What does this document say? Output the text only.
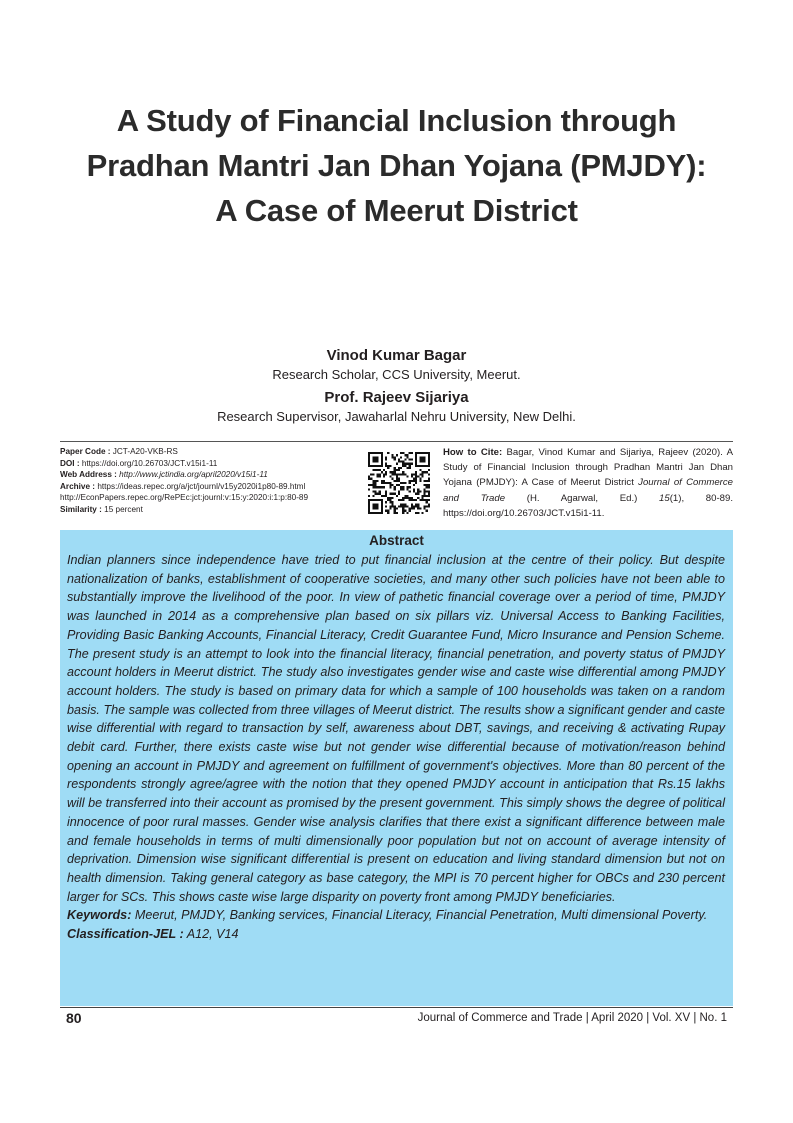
A Study of Financial Inclusion through
Pradhan Mantri Jan Dhan Yojana (PMJDY):
A Case of Meerut District
Vinod Kumar Bagar
Research Scholar, CCS University, Meerut.
Prof. Rajeev Sijariya
Research Supervisor, Jawaharlal Nehru University, New Delhi.
Paper Code : JCT-A20-VKB-RS
DOI : https://doi.org/10.26703/JCT.v15i1-11
Web Address : http://www.jctindia.org/april2020/v15i1-11
Archive : https://ideas.repec.org/a/jct/journl/v15y2020i1p80-89.html
http://EconPapers.repec.org/RePEc:jct:journl:v:15:y:2020:i:1:p:80-89
Similarity : 15 percent
How to Cite: Bagar, Vinod Kumar and Sijariya, Rajeev (2020). A Study of Financial Inclusion through Pradhan Mantri Jan Dhan Yojana (PMJDY): A Case of Meerut District Journal of Commerce and Trade (H. Agarwal, Ed.) 15(1), 80-89. https://doi.org/10.26703/JCT.v15i1-11.
Abstract

Indian planners since independence have tried to put financial inclusion at the centre of their policy. But despite nationalization of banks, establishment of cooperative societies, and many other such policies have not been able to substantially improve the livelihood of the poor. In view of pathetic financial coverage over a period of time, PMJDY was launched in 2014 as a comprehensive plan based on six pillars viz. Universal Access to Banking Facilities, Providing Basic Banking Accounts, Financial Literacy, Credit Guarantee Fund, Micro Insurance and Pension Scheme. The present study is an attempt to look into the financial literacy, financial penetration, and poverty status of PMJDY account holders in Meerut district. The study also investigates gender wise and caste wise differential among PMJDY account holders. The study is based on primary data for which a sample of 100 households was taken on a random basis. The sample was collected from three villages of Meerut district. The results show a significant gender and caste wise differential with regard to transaction by self, awareness about DBT, savings, and receiving & activating Rupay debit card. Further, there exists caste wise but not gender wise differential because of motivation/reason behind opening an account in PMJDY and agreement on fulfillment of government's objectives. More than 80 percent of the respondents strongly agree/agree with the notion that they opened PMJDY account in anticipation that Rs.15 lakhs will be transferred into their account as promised by the present government. This simply shows the degree of political innocence of poor rural masses. Gender wise analysis clarifies that there exist a significant difference between male and female households in terms of multi dimensionally poor population but not on account of average intensity of deprivation. Dimension wise significant differential is present on education and living standard dimension but not on health dimension. Taking general category as base category, the MPI is 70 percent higher for OBCs and 230 percent larger for SCs. This shows caste wise large disparity on poverty front among PMJDY beneficiaries.

Keywords: Meerut, PMJDY, Banking services, Financial Literacy, Financial Penetration, Multi dimensional Poverty.

Classification-JEL : A12, V14

80	Journal of Commerce and Trade | April 2020 | Vol. XV | No. 1
